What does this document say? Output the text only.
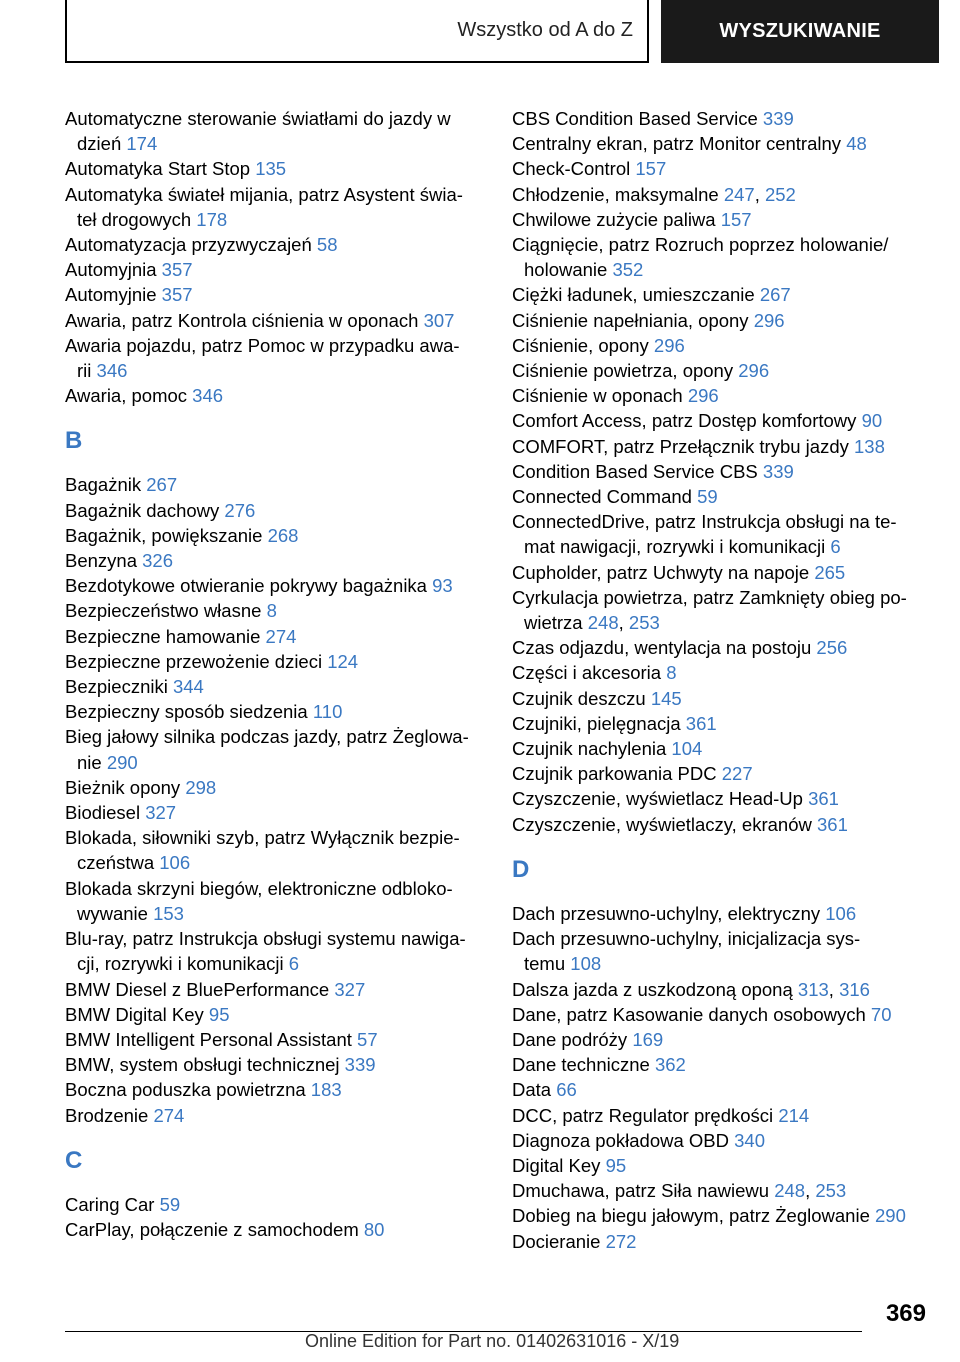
Wszystko od A do Z	WYSZUKIWANIE
Automatyczne sterowanie światłami do jazdy w
dzień 174
Automatyka Start Stop 135
Automatyka świateł mijania, patrz Asystent świa‐
teł drogowych 178
Automatyzacja przyzwyczajeń 58
Automyjnia 357
Automyjnie 357
Awaria, patrz Kontrola ciśnienia w oponach 307
Awaria pojazdu, patrz Pomoc w przypadku awa‐
rii 346
Awaria, pomoc 346
B
Bagażnik 267
Bagażnik dachowy 276
Bagażnik, powiększanie 268
Benzyna 326
Bezdotykowe otwieranie pokrywy bagażnika 93
Bezpieczeństwo własne 8
Bezpieczne hamowanie 274
Bezpieczne przewożenie dzieci 124
Bezpieczniki 344
Bezpieczny sposób siedzenia 110
Bieg jałowy silnika podczas jazdy, patrz Żeglowa‐
nie 290
Bieżnik opony 298
Biodiesel 327
Blokada, siłowniki szyb, patrz Wyłącznik bezpie‐
czeństwa 106
Blokada skrzyni biegów, elektroniczne odbloko‐
wywanie 153
Blu-ray, patrz Instrukcja obsługi systemu nawiga‐
cji, rozrywki i komunikacji 6
BMW Diesel z BluePerformance 327
BMW Digital Key 95
BMW Intelligent Personal Assistant 57
BMW, system obsługi technicznej 339
Boczna poduszka powietrzna 183
Brodzenie 274
C
Caring Car 59
CarPlay, połączenie z samochodem 80
CBS Condition Based Service 339
Centralny ekran, patrz Monitor centralny 48
Check-Control 157
Chłodzenie, maksymalne 247, 252
Chwilowe zużycie paliwa 157
Ciągnięcie, patrz Rozruch poprzez holowanie/
holowanie 352
Ciężki ładunek, umieszczanie 267
Ciśnienie napełniania, opony 296
Ciśnienie, opony 296
Ciśnienie powietrza, opony 296
Ciśnienie w oponach 296
Comfort Access, patrz Dostęp komfortowy 90
COMFORT, patrz Przełącznik trybu jazdy 138
Condition Based Service CBS 339
Connected Command 59
ConnectedDrive, patrz Instrukcja obsługi na te‐
mat nawigacji, rozrywki i komunikacji 6
Cupholder, patrz Uchwyty na napoje 265
Cyrkulacja powietrza, patrz Zamknięty obieg po‐
wietrza 248, 253
Czas odjazdu, wentylacja na postoju 256
Części i akcesoria 8
Czujnik deszczu 145
Czujniki, pielęgnacja 361
Czujnik nachylenia 104
Czujnik parkowania PDC 227
Czyszczenie, wyświetlacz Head-Up 361
Czyszczenie, wyświetlaczy, ekranów 361
D
Dach przesuwno-uchylny, elektryczny 106
Dach przesuwno-uchylny, inicjalizacja sys‐
temu 108
Dalsza jazda z uszkodzoną oponą 313, 316
Dane, patrz Kasowanie danych osobowych 70
Dane podróży 169
Dane techniczne 362
Data 66
DCC, patrz Regulator prędkości 214
Diagnoza pokładowa OBD 340
Digital Key 95
Dmuchawa, patrz Siła nawiewu 248, 253
Dobieg na biegu jałowym, patrz Żeglowanie 290
Docieranie 272
369
Online Edition for Part no. 01402631016 - X/19
